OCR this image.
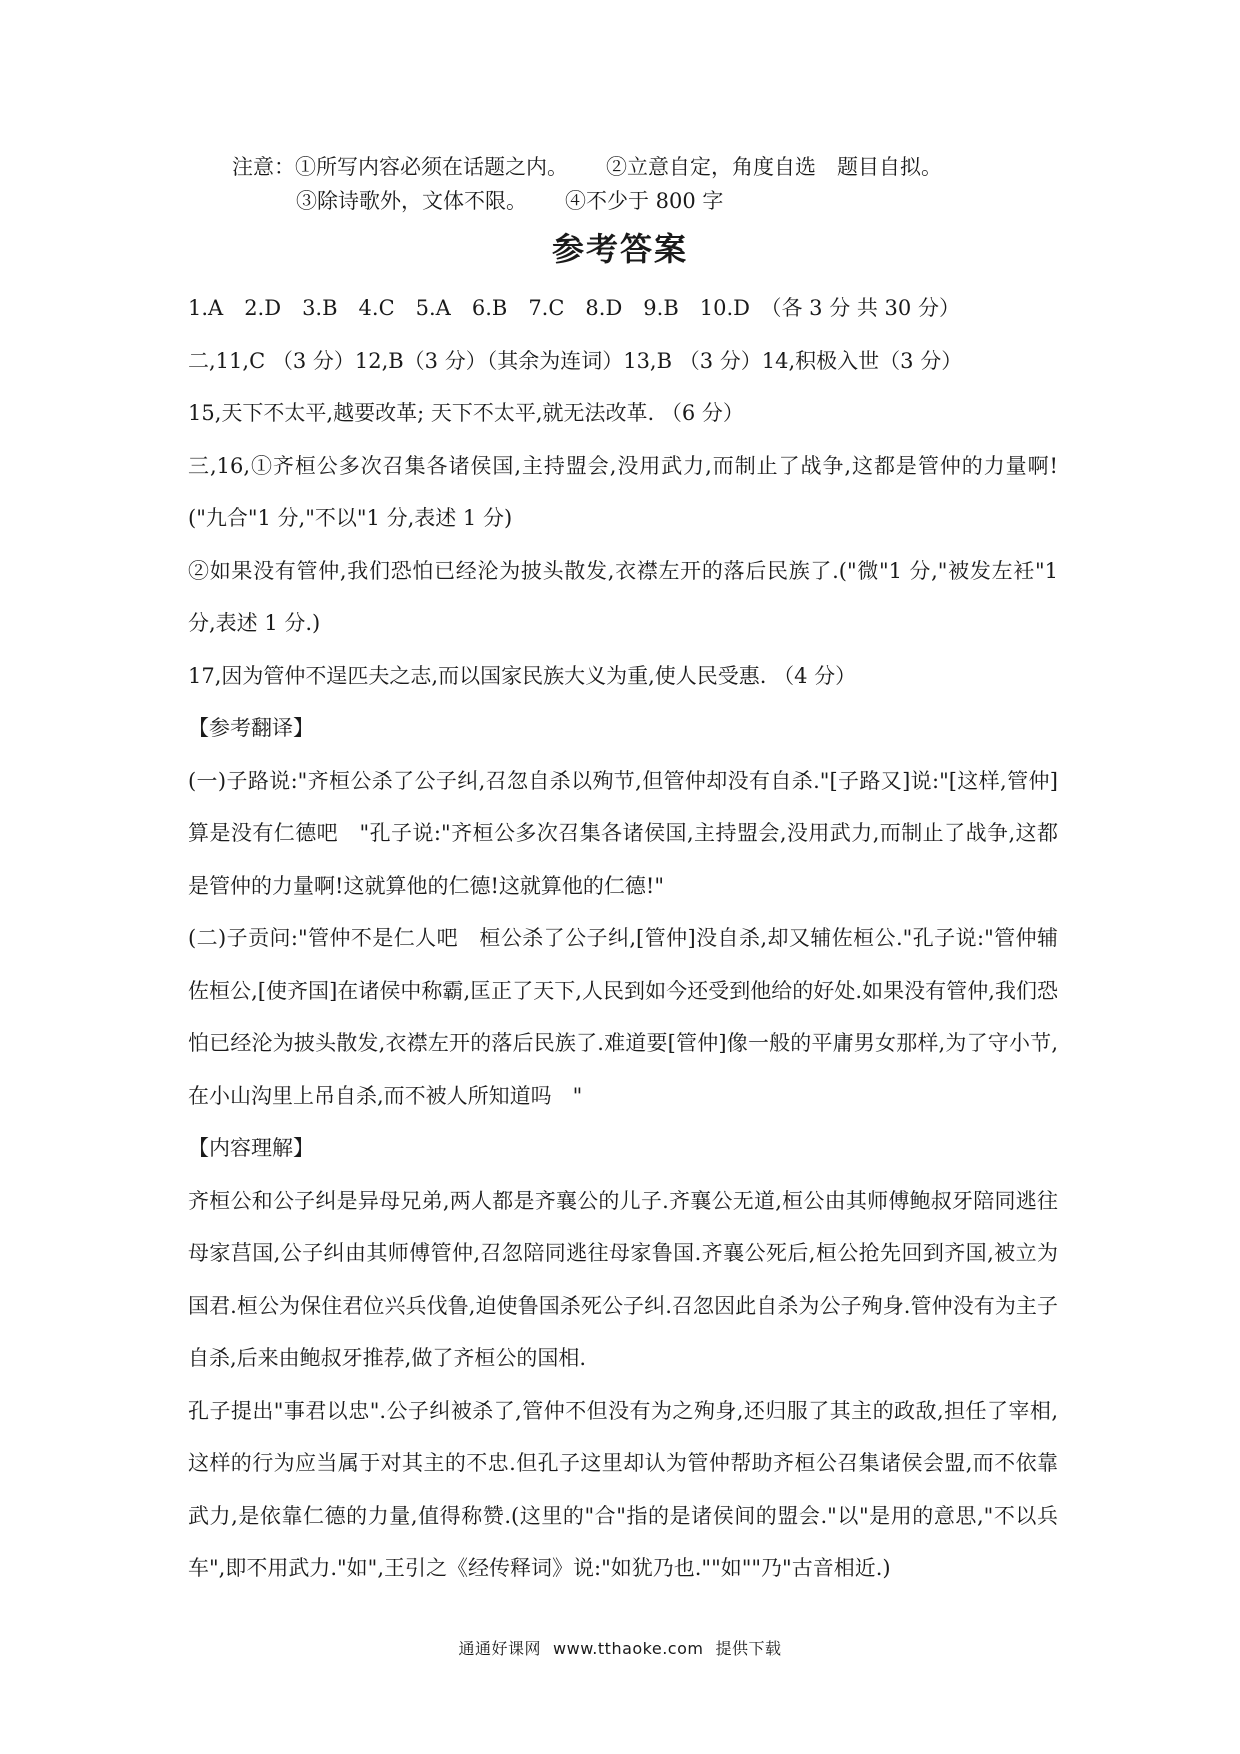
注意：①所写内容必须在话题之内。 ②立意自定，角度自选　题目自拟。
③除诗歌外，文体不限。 ④不少于 800 字
参考答案

1.A　2.D　3.B　4.C　5.A　6.B　7.C　8.D　9.B　10.D　（各 3 分 共 30 分）

二,11,C （3 分）12,B（3 分）（其余为连词）13,B （3 分）14,积极入世（3 分）

15,天下不太平,越要改革; 天下不太平,就无法改革. （6 分）

三,16,①齐桓公多次召集各诸侯国,主持盟会,没用武力,而制止了战争,这都是管仲的力量啊!("九合"1 分,"不以"1 分,表述 1 分)

②如果没有管仲,我们恐怕已经沦为披头散发,衣襟左开的落后民族了.("微"1 分,"被发左衽"1 分,表述 1 分.)

17,因为管仲不逞匹夫之志,而以国家民族大义为重,使人民受惠. （4 分）

【参考翻译】

(一)子路说:"齐桓公杀了公子纠,召忽自杀以殉节,但管仲却没有自杀."[子路又]说:"[这样,管仲]算是没有仁德吧　"孔子说:"齐桓公多次召集各诸侯国,主持盟会,没用武力,而制止了战争,这都是管仲的力量啊!这就算他的仁德!这就算他的仁德!"

(二)子贡问:"管仲不是仁人吧　桓公杀了公子纠,[管仲]没自杀,却又辅佐桓公."孔子说:"管仲辅佐桓公,[使齐国]在诸侯中称霸,匡正了天下,人民到如今还受到他给的好处.如果没有管仲,我们恐怕已经沦为披头散发,衣襟左开的落后民族了.难道要[管仲]像一般的平庸男女那样,为了守小节,在小山沟里上吊自杀,而不被人所知道吗　"

【内容理解】

齐桓公和公子纠是异母兄弟,两人都是齐襄公的儿子.齐襄公无道,桓公由其师傅鲍叔牙陪同逃往母家莒国,公子纠由其师傅管仲,召忽陪同逃往母家鲁国.齐襄公死后,桓公抢先回到齐国,被立为国君.桓公为保住君位兴兵伐鲁,迫使鲁国杀死公子纠.召忽因此自杀为公子殉身.管仲没有为主子自杀,后来由鲍叔牙推荐,做了齐桓公的国相.

孔子提出"事君以忠".公子纠被杀了,管仲不但没有为之殉身,还归服了其主的政敌,担任了宰相,这样的行为应当属于对其主的不忠.但孔子这里却认为管仲帮助齐桓公召集诸侯会盟,而不依靠武力,是依靠仁德的力量,值得称赞.(这里的"合"指的是诸侯间的盟会."以"是用的意思,"不以兵车",即不用武力."如",王引之《经传释词》说:"如犹乃也.""如""乃"古音相近.)

通通好课网 www.tthaoke.com 提供下载
